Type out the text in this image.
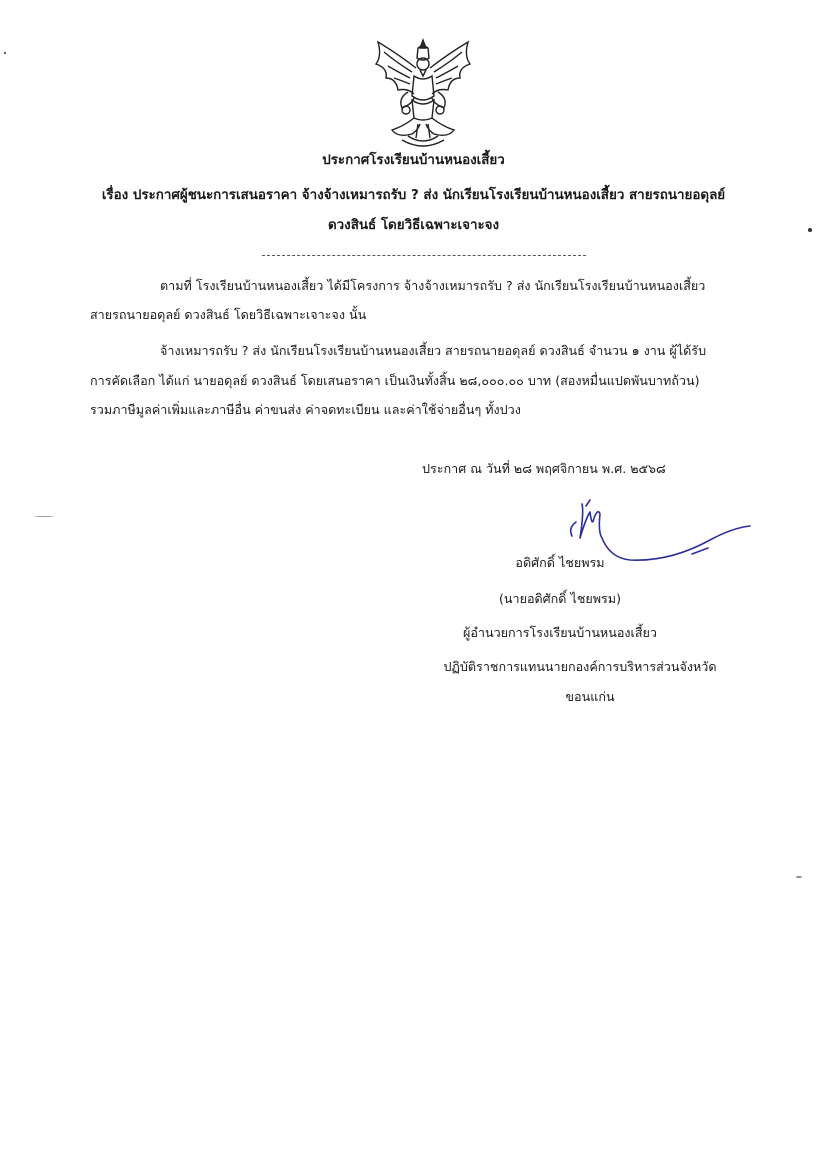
ประกาศโรงเรียนบ้านหนองเสี้ยว
เรื่อง ประกาศผู้ชนะการเสนอราคา จ้างจ้างเหมารถรับ ? ส่ง นักเรียนโรงเรียนบ้านหนองเสี้ยว สายรถนายอดุลย์
ดวงสินธ์ โดยวิธีเฉพาะเจาะจง
ตามที่ โรงเรียนบ้านหนองเสี้ยว ได้มีโครงการ จ้างจ้างเหมารถรับ ? ส่ง นักเรียนโรงเรียนบ้านหนองเสี้ยว
สายรถนายอดุลย์ ดวงสินธ์ โดยวิธีเฉพาะเจาะจง นั้น
จ้างเหมารถรับ ? ส่ง นักเรียนโรงเรียนบ้านหนองเสี้ยว สายรถนายอดุลย์ ดวงสินธ์ จำนวน ๑ งาน ผู้ได้รับ
การคัดเลือก ได้แก่ นายอดุลย์ ดวงสินธ์ โดยเสนอราคา เป็นเงินทั้งสิ้น ๒๘,๐๐๐.๐๐ บาท (สองหมื่นแปดพันบาทถ้วน)
รวมภาษีมูลค่าเพิ่มและภาษีอื่น ค่าขนส่ง ค่าจดทะเบียน และค่าใช้จ่ายอื่นๆ ทั้งปวง
ประกาศ ณ วันที่ ๒๘ พฤศจิกายน พ.ศ. ๒๕๖๘
อดิศักดิ์ ไชยพรม
(นายอดิศักดิ์ ไชยพรม)
ผู้อำนวยการโรงเรียนบ้านหนองเสี้ยว
ปฏิบัติราชการแทนนายกองค์การบริหารส่วนจังหวัด
ขอนแก่น
